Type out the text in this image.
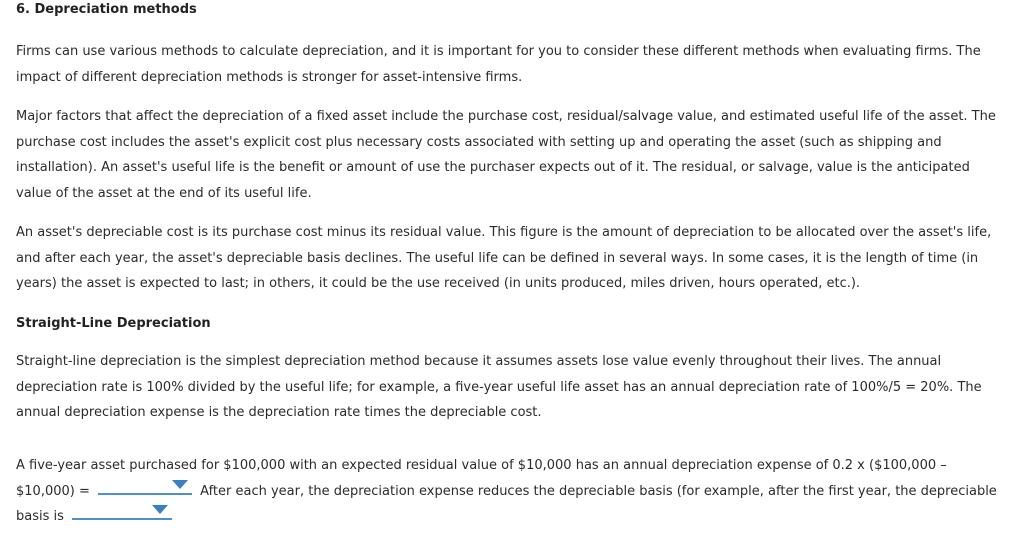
6. Depreciation methods

Firms can use various methods to calculate depreciation, and it is important for you to consider these different methods when evaluating firms. The impact of different depreciation methods is stronger for asset-intensive firms.

Major factors that affect the depreciation of a fixed asset include the purchase cost, residual/salvage value, and estimated useful life of the asset. The purchase cost includes the asset's explicit cost plus necessary costs associated with setting up and operating the asset (such as shipping and installation). An asset's useful life is the benefit or amount of use the purchaser expects out of it. The residual, or salvage, value is the anticipated value of the asset at the end of its useful life.

An asset's depreciable cost is its purchase cost minus its residual value. This figure is the amount of depreciation to be allocated over the asset's life, and after each year, the asset's depreciable basis declines. The useful life can be defined in several ways. In some cases, it is the length of time (in years) the asset is expected to last; in others, it could be the use received (in units produced, miles driven, hours operated, etc.).

Straight-Line Depreciation

Straight-line depreciation is the simplest depreciation method because it assumes assets lose value evenly throughout their lives. The annual depreciation rate is 100% divided by the useful life; for example, a five-year useful life asset has an annual depreciation rate of 100%/5 = 20%. The annual depreciation expense is the depreciation rate times the depreciable cost.

A five-year asset purchased for $100,000 with an expected residual value of $10,000 has an annual depreciation expense of 0.2 x ($100,000 – $10,000) =	After each year, the depreciation expense reduces the depreciable basis (for example, after the first year, the depreciable basis is
